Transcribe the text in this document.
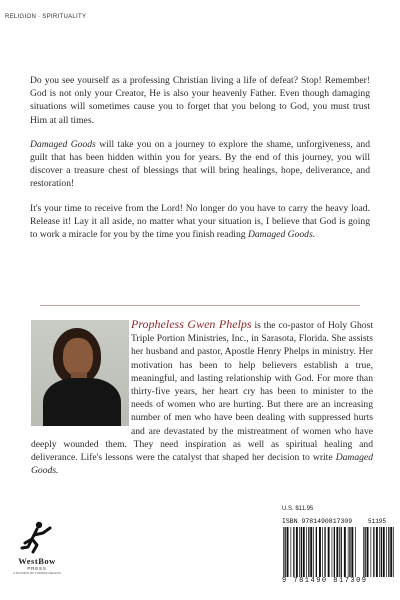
RELIGION · SPIRITUALITY

Do you see yourself as a professing Christian living a life of defeat? Stop! Remember! God is not only your Creator, He is also your heavenly Father. Even though damaging situations will sometimes cause you to forget that you belong to God, you must trust Him at all times.

Damaged Goods will take you on a journey to explore the shame, unforgiveness, and guilt that has been hidden within you for years. By the end of this journey, you will discover a treasure chest of blessings that will bring healings, hope, deliverance, and restoration!

It's your time to receive from the Lord! No longer do you have to carry the heavy load. Release it! Lay it all aside, no matter what your situation is, I believe that God is going to work a miracle for you by the time you finish reading Damaged Goods.

Propheless Gwen Phelps is the co-pastor of Holy Ghost Triple Portion Ministries, Inc., in Sarasota, Florida. She assists her husband and pastor, Apostle Henry Phelps in ministry. Her motivation has been to help believers establish a true, meaningful, and lasting relationship with God. For more than thirty-five years, her heart cry has been to minister to the needs of women who are hurting. But there are an increasing number of men who have been dealing with suppressed hurts and are devastated by the mistreatment of women who have deeply wounded them. They need inspiration as well as spiritual healing and deliverance. Life's lessons were the catalyst that shaped her decision to write Damaged Goods.
WestBow
PRESS
A DIVISION OF THOMAS NELSON
U.S. $11.95
ISBN 9781490817309	51195
9 781490 817309
